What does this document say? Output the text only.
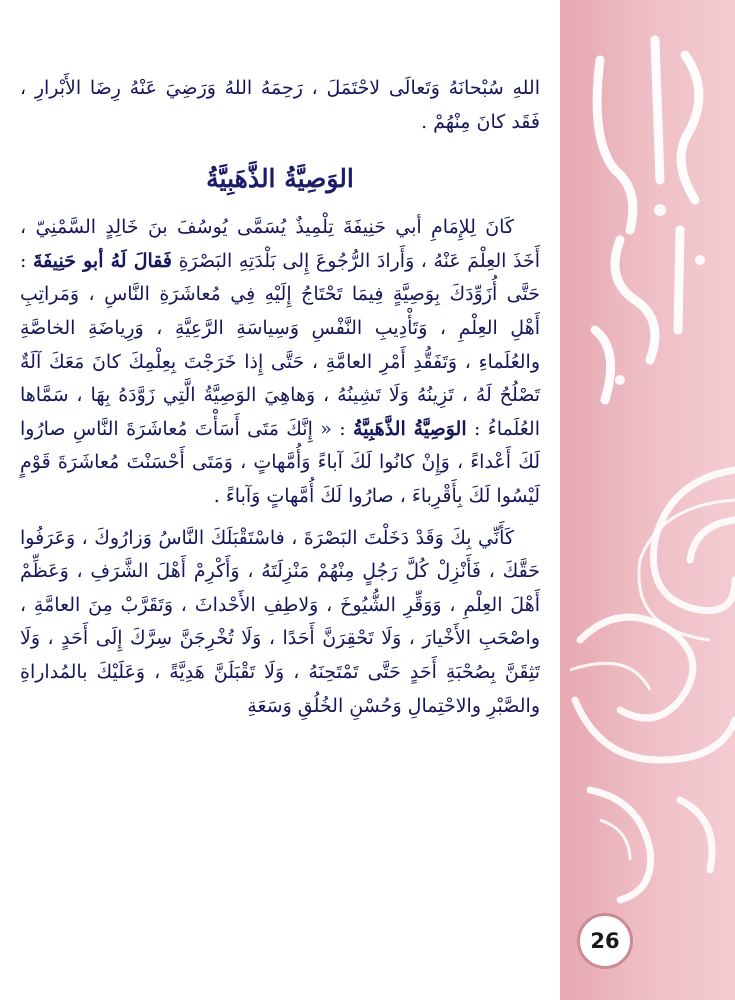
اللهِ سُبْحانَهُ وَتَعالَى لاحْتَمَلَ ، رَحِمَهُ اللهُ وَرَضِيَ عَنْهُ رِضَا الأَبْرارِ ، فَقَد كانَ مِنْهُمْ .

الوَصِيَّةُ الذَّهَبِيَّةُ

كَانَ لِلإِمَامِ أبي حَنِيفَةَ تِلْمِيذٌ يُسَمَّى يُوسُفَ بنَ خَالِدٍ السَّمْنِيّ ، أَخَذَ العِلْمَ عَنْهُ ، وَأَرادَ الرُّجُوعَ إِلى بَلْدَتِهِ البَصْرَةِ فَقالَ لَهُ أبو حَنِيفَةَ : حَتَّى أُزَوِّدَكَ بِوَصِيَّةٍ فِيمَا تَحْتَاجُ إِلَيْهِ فِي مُعاشَرَةِ النَّاسِ ، وَمَراتِبِ أَهْلِ العِلْمِ ، وَتَأْدِيبِ النَّفْسِ وَسِياسَةِ الرَّعِيَّةِ ، وَرِياضَةِ الخاصَّةِ والعُلَماءِ ، وَتَفَقُّدِ أَمْرِ العامَّةِ ، حَتَّى إِذا خَرَجْتَ بِعِلْمِكَ كانَ مَعَكَ آلَةٌ تَصْلُحُ لَهُ ، تَزِينُهُ وَلَا تَشِينُهُ ، وَهاهِيَ الوَصِيَّةُ الَّتِي زَوَّدَهُ بِهَا ، سَمَّاها العُلَماءُ : الوَصِيَّةُ الذَّهَبِيَّةُ : « إِنَّكَ مَتَى أَسَأْتَ مُعاشَرَةَ النَّاسِ صارُوا لَكَ أَعْداءً ، وَإِنْ كانُوا لَكَ آباءً وَأُمَّهاتٍ ، وَمَتَى أَحْسَنْتَ مُعاشَرَةَ قَوْمٍ لَيْسُوا لَكَ بِأَقْرِباءَ ، صارُوا لَكَ أُمَّهاتٍ وَآباءً .

كَأَنِّي بِكَ وَقَدْ دَخَلْتَ البَصْرَةَ ، فاسْتَقْبَلَكَ النَّاسُ وَزارُوكَ ، وَعَرَفُوا حَقَّكَ ، فَأَنْزِلْ كُلَّ رَجُلٍ مِنْهُمْ مَنْزِلَتَهُ ، وَأَكْرِمْ أَهْلَ الشَّرَفِ ، وَعَظِّمْ أَهْلَ العِلْمِ ، وَوَقِّرِ الشُّيُوخَ ، وَلاطِفِ الأَحْداثَ ، وَتَقَرَّبْ مِنَ العامَّةِ ، واصْحَبِ الأَخْيارَ ، وَلَا تَحْقِرَنَّ أَحَدًا ، وَلَا تُخْرِجَنَّ سِرَّكَ إِلَى أَحَدٍ ، وَلَا تَثِقَنَّ بِصُحْبَةِ أَحَدٍ حَتَّى تَمْتَحِنَهُ ، وَلَا تَقْبَلَنَّ هَدِيَّةً ، وَعَلَيْكَ بالمُداراةِ والصَّبْرِ والاحْتِمالِ وَحُسْنِ الخُلُقِ وَسَعَةِ

26
